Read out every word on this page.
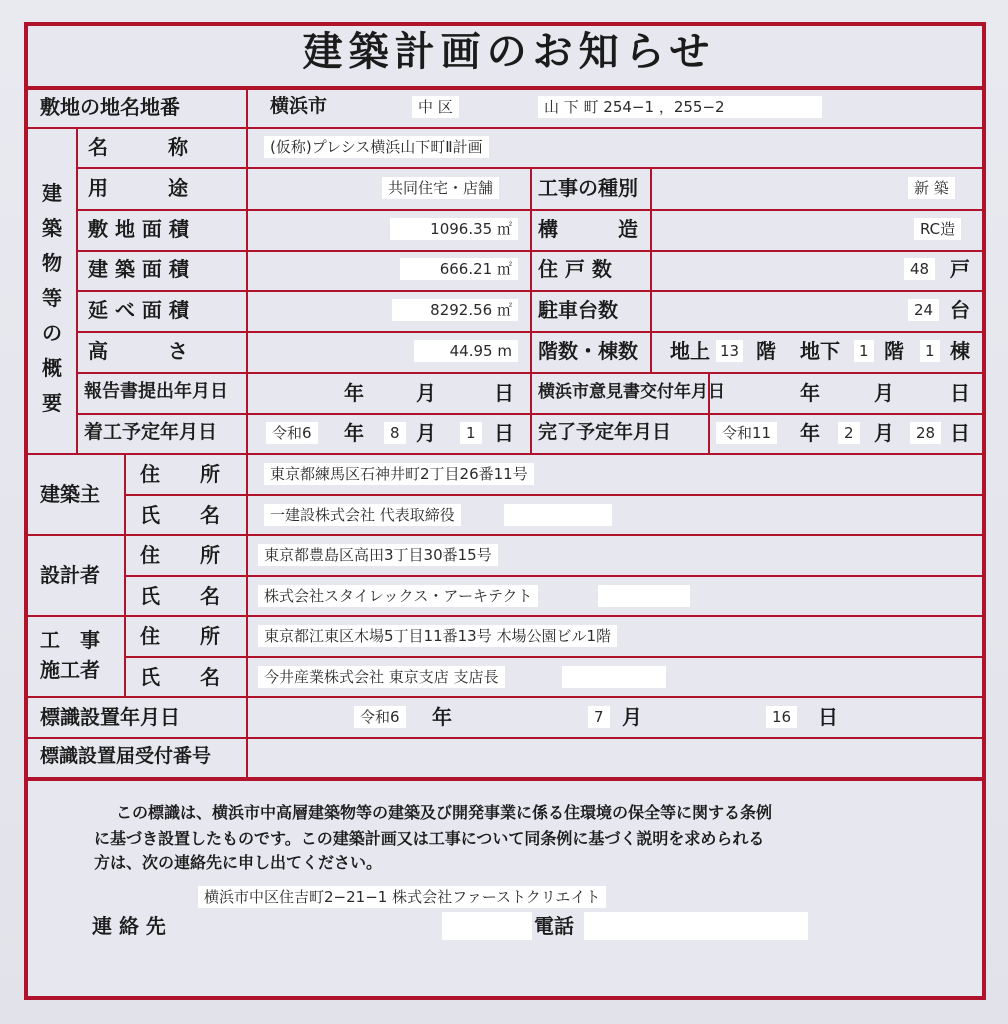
建築計画のお知らせ
敷地の地名地番	横浜市	中 区	山 下 町 254−1 ，255−2
建築物等の概要
名　　　称	(仮称)プレシス横浜山下町Ⅱ計画
用　　　途	共同住宅・店舗	工事の種別	新 築
敷 地 面 積	1096.35 ㎡	構　　　造	RC造
建 築 面 積	666.21 ㎡	住 戸 数	48	戸
延 べ 面 積	8292.56 ㎡	駐車台数	24 台
高　　　さ	44.95 m	階数・棟数 地上 13 階 地下	1 階	1 棟
報告書提出年月日	年	月	日 横浜市意見書交付年月日	年	月	日
着工予定年月日	令和6	年	8 月	1 日 完了予定年月日	令和11	年	2	月	28 日
建築主
住　　所	東京都練馬区石神井町2丁目26番11号
氏　　名	一建設株式会社 代表取締役
設計者
住　　所	東京都豊島区高田3丁目30番15号
氏　　名	株式会社スタイレックス・アーキテクト
工　事
施工者
住　　所	東京都江東区木場5丁目11番13号 木場公園ビル1階
氏　　名	今井産業株式会社 東京支店 支店長
標識設置年月日	令和6	年	7 月	16	日
標識設置届受付番号
この標識は、横浜市中高層建築物等の建築及び開発事業に係る住環境の保全等に関する条例
に基づき設置したものです。この建築計画又は工事について同条例に基づく説明を求められる
方は、次の連絡先に申し出てください。
横浜市中区住吉町2−21−1 株式会社ファーストクリエイト
連 絡 先	電話
